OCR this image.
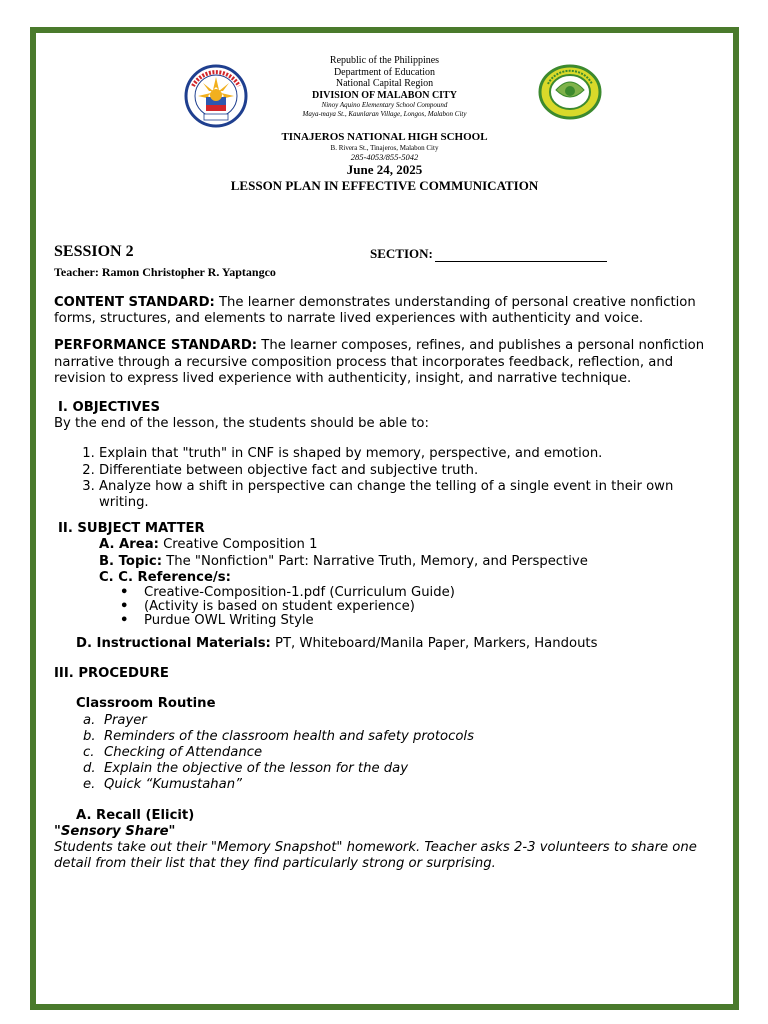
Republic of the Philippines
Department of Education
National Capital Region
DIVISION OF MALABON CITY
Ninoy Aquino Elementary School Compound
Maya-maya St., Kaunlaran Village, Longos, Malabon City
TINAJEROS NATIONAL HIGH SCHOOL
B. Rivera St., Tinajeros, Malabon City
285-4053/855-5042
June 24, 2025
LESSON PLAN IN EFFECTIVE COMMUNICATION
SESSION 2	SECTION:
Teacher: Ramon Christopher R. Yaptangco

CONTENT STANDARD: The learner demonstrates understanding of personal creative nonfiction forms, structures, and elements to narrate lived experiences with authenticity and voice.

PERFORMANCE STANDARD: The learner composes, refines, and publishes a personal nonfiction narrative through a recursive composition process that incorporates feedback, reflection, and revision to express lived experience with authenticity, insight, and narrative technique.

I. OBJECTIVES

By the end of the lesson, the students should be able to:

1. Explain that "truth" in CNF is shaped by memory, perspective, and emotion.
2. Differentiate between objective fact and subjective truth.
3. Analyze how a shift in perspective can change the telling of a single event in their own writing.
II. SUBJECT MATTER
A. Area: Creative Composition 1
B. Topic: The "Nonfiction" Part: Narrative Truth, Memory, and Perspective
C. C. Reference/s:
• Creative-Composition-1.pdf (Curriculum Guide)
• (Activity is based on student experience)
• Purdue OWL Writing Style
D. Instructional Materials: PT, Whiteboard/Manila Paper, Markers, Handouts
III. PROCEDURE
Classroom Routine
a. Prayer
b. Reminders of the classroom health and safety protocols
c. Checking of Attendance
d. Explain the objective of the lesson for the day
e. Quick “Kumustahan”
A. Recall (Elicit)
"Sensory Share"

Students take out their "Memory Snapshot" homework. Teacher asks 2-3 volunteers to share one detail from their list that they find particularly strong or surprising.
